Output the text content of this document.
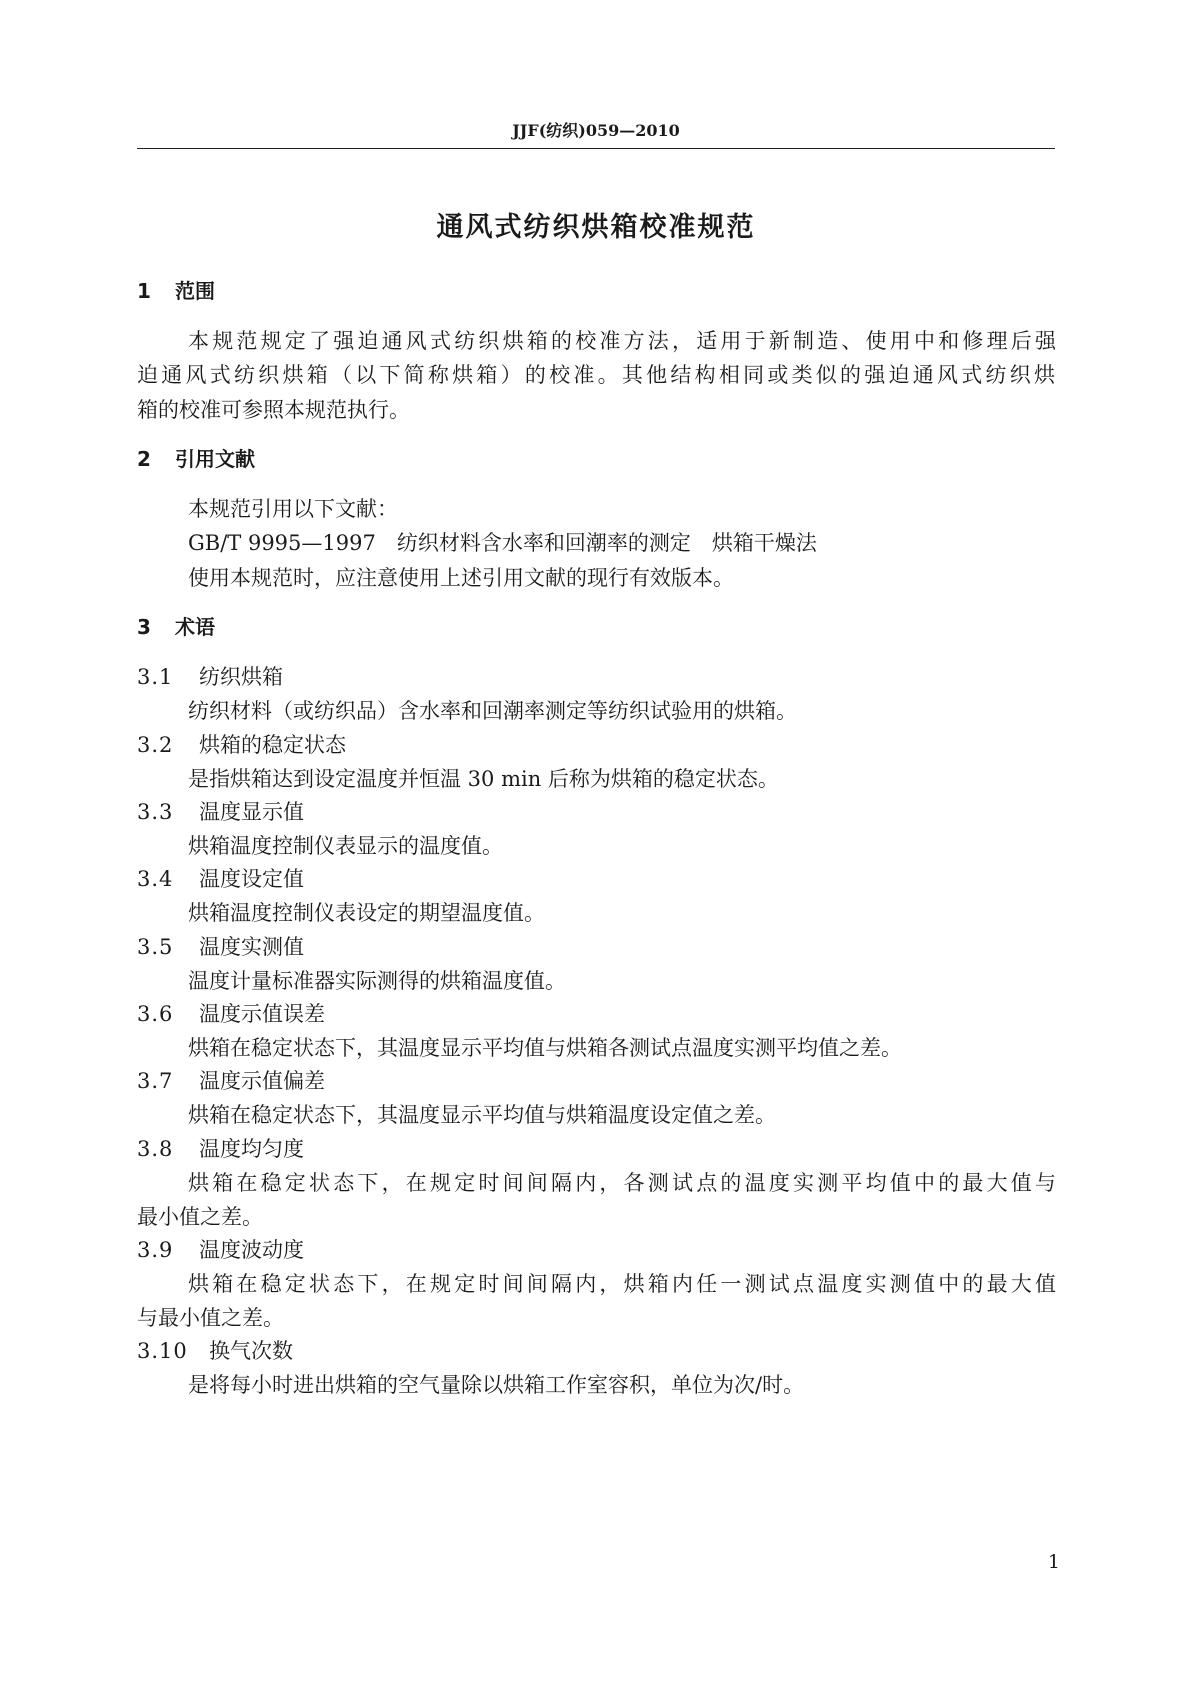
JJF(纺织)059—2010
通风式纺织烘箱校准规范
1 范围
本规范规定了强迫通风式纺织烘箱的校准方法，适用于新制造、使用中和修理后强
迫通风式纺织烘箱（以下简称烘箱）的校准。其他结构相同或类似的强迫通风式纺织烘
箱的校准可参照本规范执行。
2 引用文献
本规范引用以下文献：
GB/T 9995—1997　纺织材料含水率和回潮率的测定　烘箱干燥法
使用本规范时，应注意使用上述引用文献的现行有效版本。
3 术语
3.1 纺织烘箱
纺织材料（或纺织品）含水率和回潮率测定等纺织试验用的烘箱。
3.2 烘箱的稳定状态
是指烘箱达到设定温度并恒温 30 min 后称为烘箱的稳定状态。
3.3 温度显示值
烘箱温度控制仪表显示的温度值。
3.4 温度设定值
烘箱温度控制仪表设定的期望温度值。
3.5 温度实测值
温度计量标准器实际测得的烘箱温度值。
3.6 温度示值误差
烘箱在稳定状态下，其温度显示平均值与烘箱各测试点温度实测平均值之差。
3.7 温度示值偏差
烘箱在稳定状态下，其温度显示平均值与烘箱温度设定值之差。
3.8 温度均匀度
烘箱在稳定状态下，在规定时间间隔内，各测试点的温度实测平均值中的最大值与
最小值之差。
3.9 温度波动度
烘箱在稳定状态下，在规定时间间隔内，烘箱内任一测试点温度实测值中的最大值
与最小值之差。
3.10 换气次数
是将每小时进出烘箱的空气量除以烘箱工作室容积，单位为次/时。
1
